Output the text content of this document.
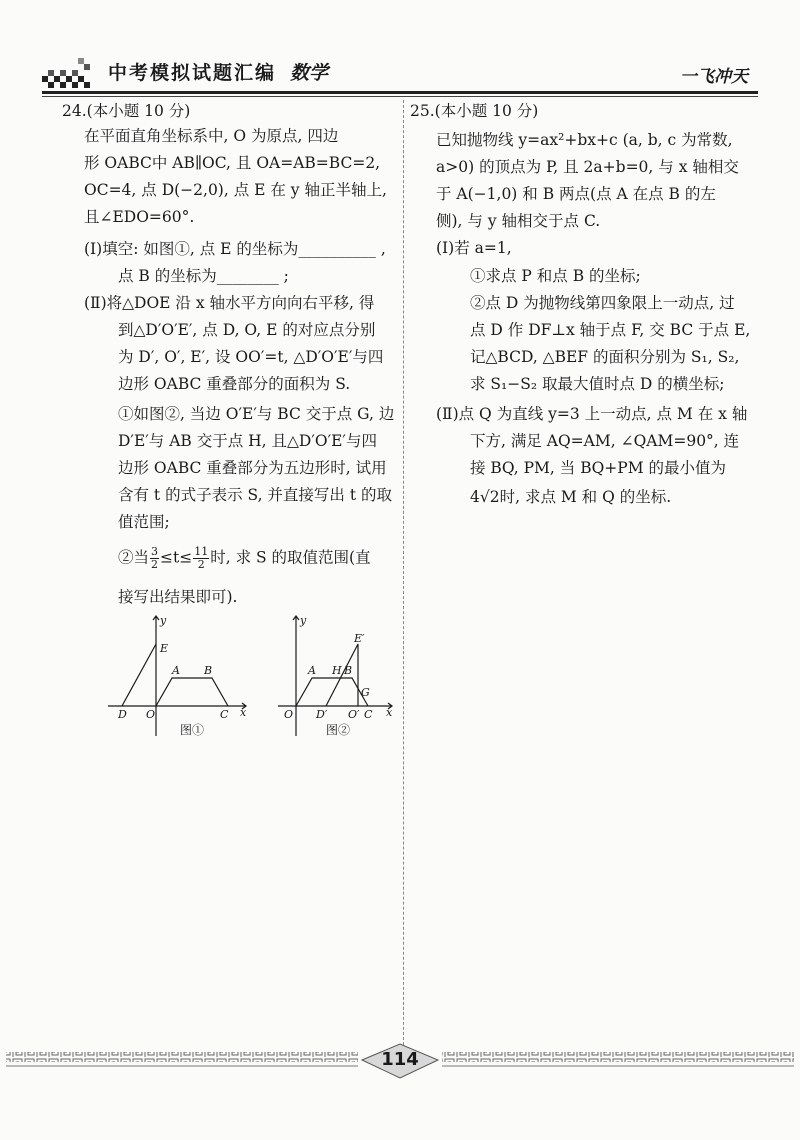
中考模拟试题汇编 数学	一飞冲天
24.(本小题 10 分)
在平面直角坐标系中, O 为原点, 四边
形 OABC中 AB∥OC, 且 OA=AB=BC=2,
OC=4, 点 D(−2,0), 点 E 在 y 轴正半轴上,
且∠EDO=60°.
(Ⅰ)填空: 如图①, 点 E 的坐标为__________ ,
点 B 的坐标为________ ;
(Ⅱ)将△DOE 沿 x 轴水平方向向右平移, 得
到△D′O′E′, 点 D, O, E 的对应点分别
为 D′, O′, E′, 设 OO′=t, △D′O′E′与四
边形 OABC 重叠部分的面积为 S.
①如图②, 当边 O′E′与 BC 交于点 G, 边
D′E′与 AB 交于点 H, 且△D′O′E′与四
边形 OABC 重叠部分为五边形时, 试用
含有 t 的式子表示 S, 并直接写出 t 的取
值范围;
②当 $\frac{3}{2} \le t\le \frac{11}{2}$ 时, 求 S 的取值范围(直
接写出结果即可).
y
x
E
A B
D O	C
图①
y
x
E′
A H B
G
O D′ O′ C
图②
25.(本小题 10 分)
已知抛物线 y=ax²+bx+c (a, b, c 为常数,
a>0) 的顶点为 P, 且 2a+b=0, 与 x 轴相交
于 A(−1,0) 和 B 两点(点 A 在点 B 的左
侧), 与 y 轴相交于点 C.
(Ⅰ)若 a=1,
①求点 P 和点 B 的坐标;
②点 D 为抛物线第四象限上一动点, 过
点 D 作 DF⊥x 轴于点 F, 交 BC 于点 E,
记△BCD, △BEF 的面积分别为 S₁, S₂,
求 S₁−S₂ 取最大值时点 D 的横坐标;
(Ⅱ)点 Q 为直线 y=3 上一动点, 点 M 在 x 轴
下方, 满足 AQ=AM, ∠QAM=90°, 连
接 BQ, PM, 当 BQ+PM 的最小值为
4√2时, 求点 M 和 Q 的坐标.
114
